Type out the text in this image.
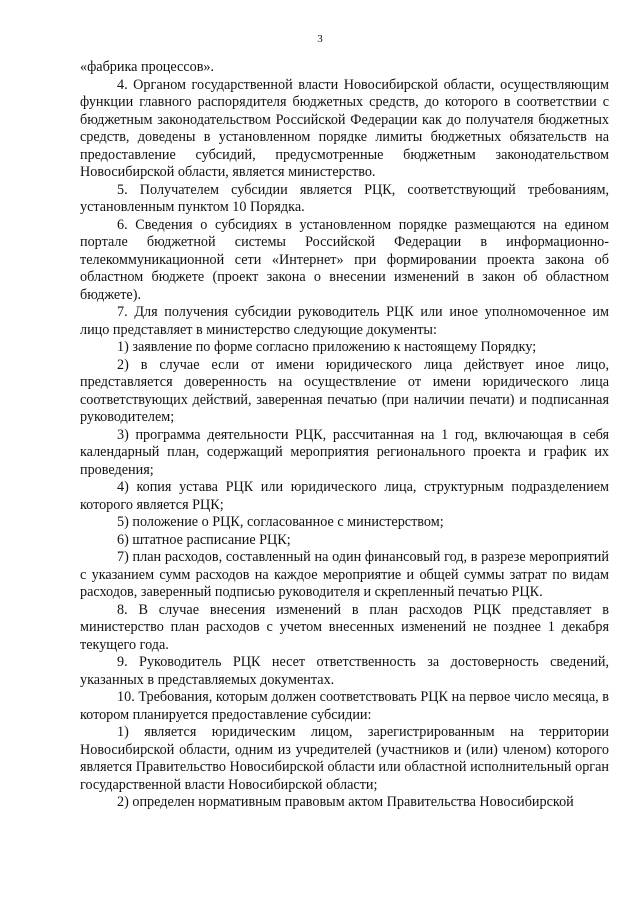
3

«фабрика процессов».

4. Органом государственной власти Новосибирской области, осуществляющим функции главного распорядителя бюджетных средств, до которого в соответствии с бюджетным законодательством Российской Федерации как до получателя бюджетных средств, доведены в установленном порядке лимиты бюджетных обязательств на предоставление субсидий, предусмотренные бюджетным законодательством Новосибирской области, является министерство.

5. Получателем субсидии является РЦК, соответствующий требованиям, установленным пунктом 10 Порядка.

6. Сведения о субсидиях в установленном порядке размещаются на едином портале бюджетной системы Российской Федерации в информационно-телекоммуникационной сети «Интернет» при формировании проекта закона об областном бюджете (проект закона о внесении изменений в закон об областном бюджете).

7. Для получения субсидии руководитель РЦК или иное уполномоченное им лицо представляет в министерство следующие документы:

1) заявление по форме согласно приложению к настоящему Порядку;

2) в случае если от имени юридического лица действует иное лицо, представляется доверенность на осуществление от имени юридического лица соответствующих действий, заверенная печатью (при наличии печати) и подписанная руководителем;

3) программа деятельности РЦК, рассчитанная на 1 год, включающая в себя календарный план, содержащий мероприятия регионального проекта и график их проведения;

4) копия устава РЦК или юридического лица, структурным подразделением которого является РЦК;

5) положение о РЦК, согласованное с министерством;

6) штатное расписание РЦК;

7) план расходов, составленный на один финансовый год, в разрезе мероприятий с указанием сумм расходов на каждое мероприятие и общей суммы затрат по видам расходов, заверенный подписью руководителя и скрепленный печатью РЦК.

8. В случае внесения изменений в план расходов РЦК представляет в министерство план расходов с учетом внесенных изменений не позднее 1 декабря текущего года.

9. Руководитель РЦК несет ответственность за достоверность сведений, указанных в представляемых документах.

10. Требования, которым должен соответствовать РЦК на первое число месяца, в котором планируется предоставление субсидии:

1) является юридическим лицом, зарегистрированным на территории Новосибирской области, одним из учредителей (участников и (или) членом) которого является Правительство Новосибирской области или областной исполнительный орган государственной власти Новосибирской области;

2) определен нормативным правовым актом Правительства Новосибирской
